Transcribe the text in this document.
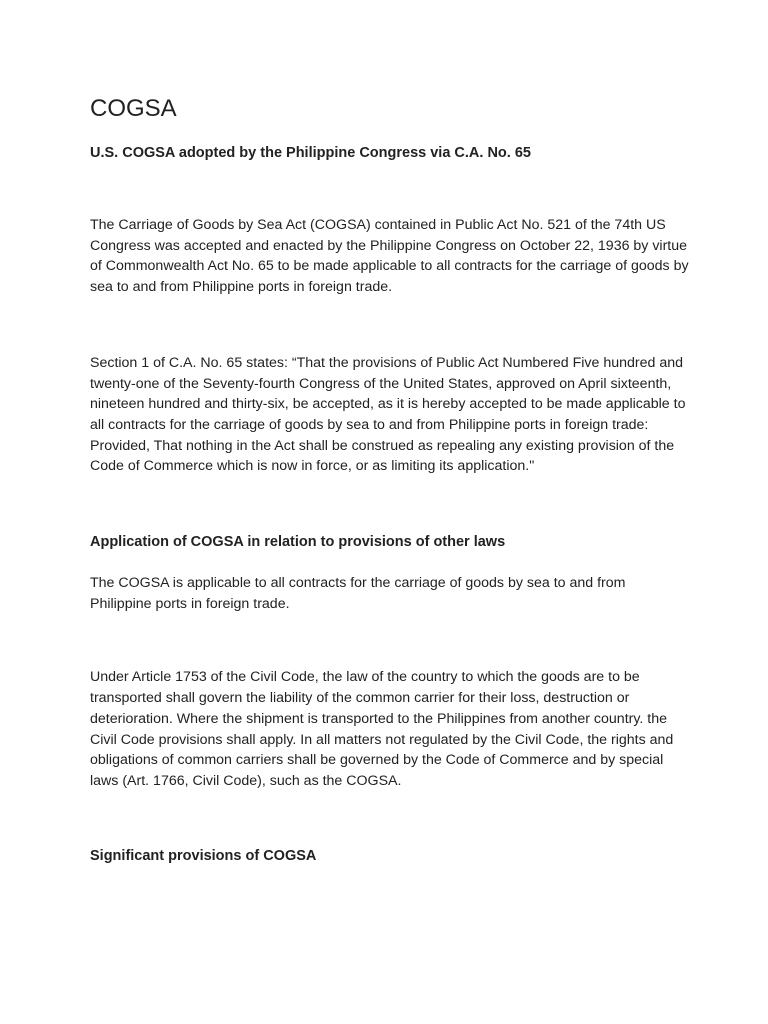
COGSA
U.S. COGSA adopted by the Philippine Congress via C.A. No. 65

The Carriage of Goods by Sea Act (COGSA) contained in Public Act No. 521 of the 74th US Congress was accepted and enacted by the Philippine Congress on October 22, 1936 by virtue of Commonwealth Act No. 65 to be made applicable to all contracts for the carriage of goods by sea to and from Philippine ports in foreign trade.

Section 1 of C.A. No. 65 states: “That the provisions of Public Act Numbered Five hundred and twenty-one of the Seventy-fourth Congress of the United States, approved on April sixteenth, nineteen hundred and thirty-six, be accepted, as it is hereby accepted to be made applicable to all contracts for the carriage of goods by sea to and from Philippine ports in foreign trade: Provided, That nothing in the Act shall be construed as repealing any existing provision of the Code of Commerce which is now in force, or as limiting its application."

Application of COGSA in relation to provisions of other laws

The COGSA is applicable to all contracts for the carriage of goods by sea to and from Philippine ports in foreign trade.

Under Article 1753 of the Civil Code, the law of the country to which the goods are to be transported shall govern the liability of the common carrier for their loss, destruction or deterioration. Where the shipment is transported to the Philippines from another country. the Civil Code provisions shall apply. In all matters not regulated by the Civil Code, the rights and obligations of common carriers shall be governed by the Code of Commerce and by special laws (Art. 1766, Civil Code), such as the COGSA.

Significant provisions of COGSA
